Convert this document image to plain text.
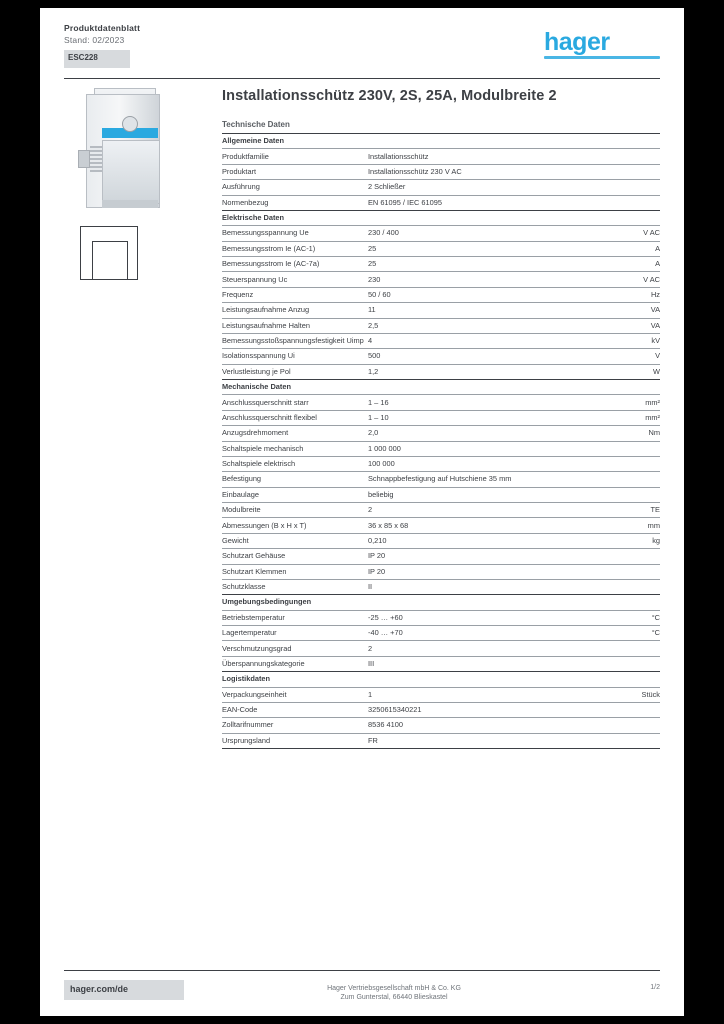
Produktdatenblatt
Stand: 02/2023
ESC228
hager
Installationsschütz 230V, 2S, 25A, Modulbreite 2
Technische Daten
Allgemeine Daten		
Produktfamilie	Installationsschütz	
Produktart	Installationsschütz 230 V AC	
Ausführung	2 Schließer	
Normenbezug	EN 61095 / IEC 61095	
Elektrische Daten		
Bemessungsspannung Ue	230 / 400	V AC
Bemessungsstrom Ie (AC-1)	25	A
Bemessungsstrom Ie (AC-7a)	25	A
Steuerspannung Uc	230	V AC
Frequenz	50 / 60	Hz
Leistungsaufnahme Anzug	11	VA
Leistungsaufnahme Halten	2,5	VA
Bemessungsstoßspannungsfestigkeit Uimp	4	kV
Isolationsspannung Ui	500	V
Verlustleistung je Pol	1,2	W
Mechanische Daten		
Anschlussquerschnitt starr	1 – 16	mm²
Anschlussquerschnitt flexibel	1 – 10	mm²
Anzugsdrehmoment	2,0	Nm
Schaltspiele mechanisch	1 000 000	
Schaltspiele elektrisch	100 000	
Befestigung	Schnappbefestigung auf Hutschiene 35 mm	
Einbaulage	beliebig	
Modulbreite	2	TE
Abmessungen (B x H x T)	36 x 85 x 68	mm
Gewicht	0,210	kg
Schutzart Gehäuse	IP 20	
Schutzart Klemmen	IP 20	
Schutzklasse	II	
Umgebungsbedingungen		
Betriebstemperatur	-25 … +60	°C
Lagertemperatur	-40 … +70	°C
Verschmutzungsgrad	2	
Überspannungskategorie	III	
Logistikdaten		
Verpackungseinheit	1	Stück
EAN-Code	3250615340221	
Zolltarifnummer	8536 4100	
Ursprungsland	FR	
hager.com/de	Hager Vertriebsgesellschaft mbH & Co. KG
Zum Gunterstal, 66440 Blieskastel
1/2
